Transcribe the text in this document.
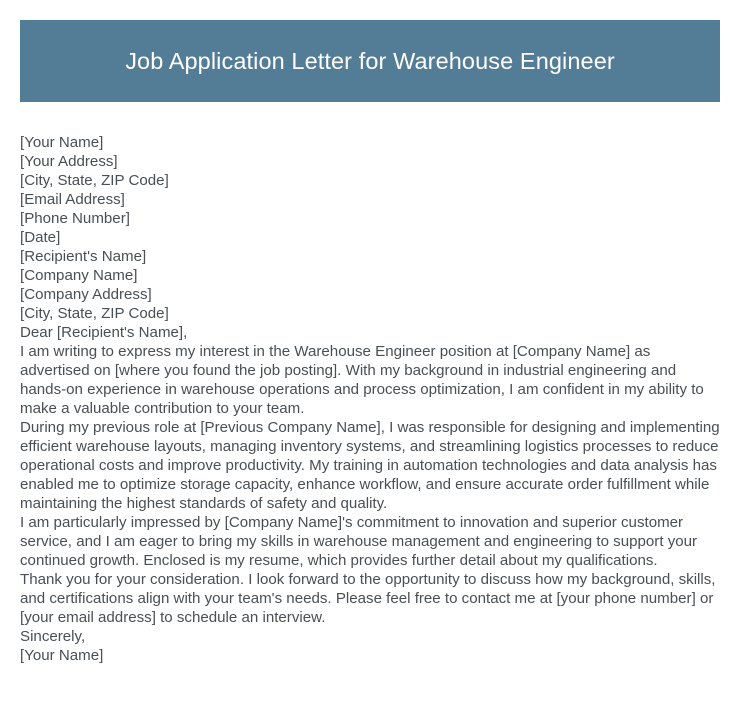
Job Application Letter for Warehouse Engineer
[Your Name]
[Your Address]
[City, State, ZIP Code]
[Email Address]
[Phone Number]
[Date]
[Recipient's Name]
[Company Name]
[Company Address]
[City, State, ZIP Code]
Dear [Recipient's Name],
I am writing to express my interest in the Warehouse Engineer position at [Company Name] as advertised on [where you found the job posting]. With my background in industrial engineering and hands-on experience in warehouse operations and process optimization, I am confident in my ability to make a valuable contribution to your team.
During my previous role at [Previous Company Name], I was responsible for designing and implementing efficient warehouse layouts, managing inventory systems, and streamlining logistics processes to reduce operational costs and improve productivity. My training in automation technologies and data analysis has enabled me to optimize storage capacity, enhance workflow, and ensure accurate order fulfillment while maintaining the highest standards of safety and quality.
I am particularly impressed by [Company Name]'s commitment to innovation and superior customer service, and I am eager to bring my skills in warehouse management and engineering to support your continued growth. Enclosed is my resume, which provides further detail about my qualifications.
Thank you for your consideration. I look forward to the opportunity to discuss how my background, skills, and certifications align with your team's needs. Please feel free to contact me at [your phone number] or [your email address] to schedule an interview.
Sincerely,
[Your Name]
